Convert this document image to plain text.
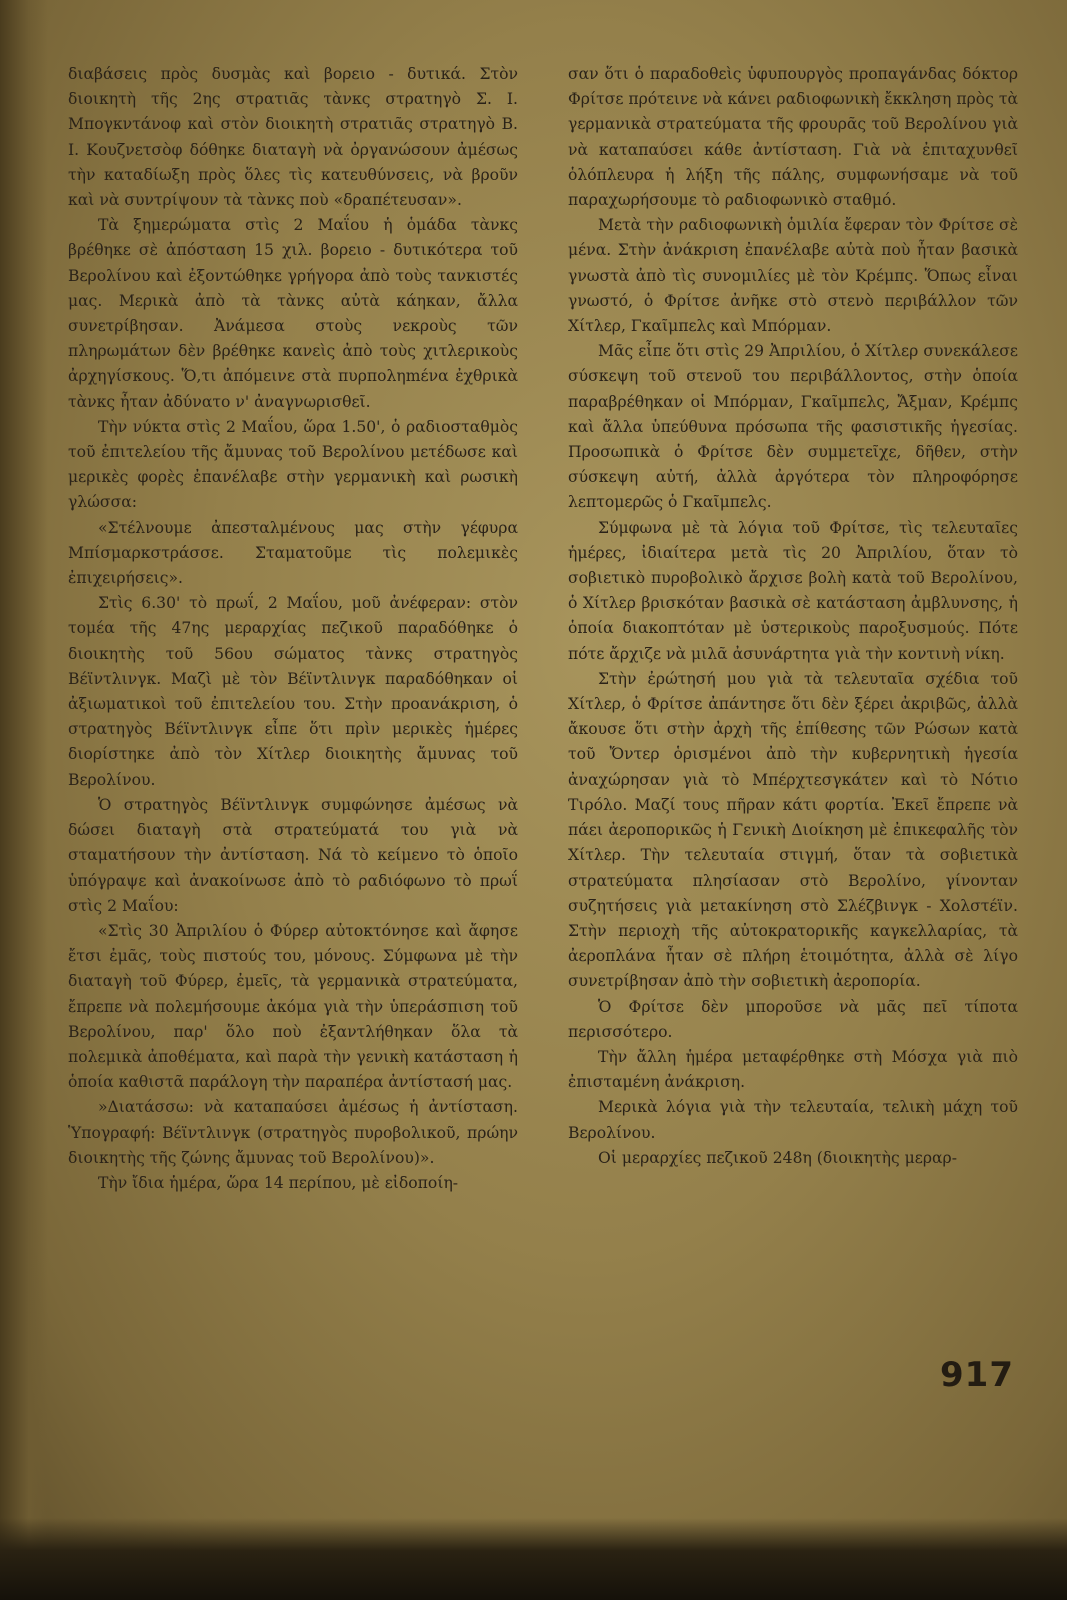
διαβάσεις πρὸς δυσμὰς καὶ βορειο - δυτικά. Στὸν διοικητὴ τῆς 2ης στρατιᾶς τὰνκς στρατηγὸ Σ. Ι. Μπογκντάνοφ καὶ στὸν διοικητὴ στρατιᾶς στρατηγὸ Β. Ι. Κουζνετσὸφ δόθηκε διαταγὴ νὰ ὀργανώσουν ἀμέσως τὴν καταδίωξη πρὸς ὅλες τὶς κατευθύνσεις, νὰ βροῦν καὶ νὰ συντρίψουν τὰ τὰνκς ποὺ «δραπέτευσαν».

Τὰ ξημερώματα στὶς 2 Μαΐου ἡ ὁμάδα τὰνκς βρέθηκε σὲ ἀπόσταση 15 χιλ. βορειο - δυτικότερα τοῦ Βερολίνου καὶ ἐξοντώθηκε γρήγορα ἀπὸ τοὺς τανκιστές μας. Μερικὰ ἀπὸ τὰ τὰνκς αὐτὰ κάηκαν, ἄλλα συνετρίβησαν. Ἀνάμεσα στοὺς νεκροὺς τῶν πληρωμάτων δὲν βρέθηκε κανεὶς ἀπὸ τοὺς χιτλερικοὺς ἀρχηγίσκους. Ὅ,τι ἀπόμεινε στὰ πυρποληmένα ἐχθρικὰ τὰνκς ἦταν ἀδύνατο ν' ἀναγνωρισθεῖ.

Τὴν νύκτα στὶς 2 Μαΐου, ὥρα 1.50', ὁ ραδιοσταθμὸς τοῦ ἐπιτελείου τῆς ἄμυνας τοῦ Βερολίνου μετέδωσε καὶ μερικὲς φορὲς ἐπανέλαβε στὴν γερμανικὴ καὶ ρωσικὴ γλώσσα:

«Στέλνουμε ἀπεσταλμένους μας στὴν γέφυρα Μπίσμαρκστράσσε. Σταματοῦμε τὶς πολεμικὲς ἐπιχειρήσεις».

Στὶς 6.30' τὸ πρωΐ, 2 Μαΐου, μοῦ ἀνέφεραν: στὸν τομέα τῆς 47ης μεραρχίας πεζικοῦ παραδόθηκε ὁ διοικητὴς τοῦ 56ου σώματος τὰνκς στρατηγὸς Βέϊντλινγκ. Μαζὶ μὲ τὸν Βέϊντλινγκ παραδόθηκαν οἱ ἀξιωματικοὶ τοῦ ἐπιτελείου του. Στὴν προανάκριση, ὁ στρατηγὸς Βέϊντλινγκ εἶπε ὅτι πρὶν μερικὲς ἡμέρες διορίστηκε ἀπὸ τὸν Χίτλερ διοικητὴς ἄμυνας τοῦ Βερολίνου.

Ὁ στρατηγὸς Βέϊντλινγκ συμφώνησε ἀμέσως νὰ δώσει διαταγὴ στὰ στρατεύματά του γιὰ νὰ σταματήσουν τὴν ἀντίσταση. Νά τὸ κείμενο τὸ ὁποῖο ὑπόγραψε καὶ ἀνακοίνωσε ἀπὸ τὸ ραδιόφωνο τὸ πρωΐ στὶς 2 Μαΐου:

«Στὶς 30 Ἀπριλίου ὁ Φύρερ αὐτοκτόνησε καὶ ἄφησε ἔτσι ἐμᾶς, τοὺς πιστούς του, μόνους. Σύμφωνα μὲ τὴν διαταγὴ τοῦ Φύρερ, ἐμεῖς, τὰ γερμανικὰ στρατεύματα, ἔπρεπε νὰ πολεμήσουμε ἀκόμα γιὰ τὴν ὑπεράσπιση τοῦ Βερολίνου, παρ' ὅλο ποὺ ἐξαντλήθηκαν ὅλα τὰ πολεμικὰ ἀποθέματα, καὶ παρὰ τὴν γενικὴ κατάσταση ἡ ὁποία καθιστᾶ παράλογη τὴν παραπέρα ἀντίστασή μας.

»Διατάσσω: νὰ καταπαύσει ἀμέσως ἡ ἀντίσταση. Ὑπογραφή: Βέϊντλινγκ (στρατηγὸς πυροβολικοῦ, πρώην διοικητὴς τῆς ζώνης ἄμυνας τοῦ Βερολίνου)».

Τὴν ἴδια ἡμέρα, ὥρα 14 περίπου, μὲ εἰδοποίη-

σαν ὅτι ὁ παραδοθεὶς ὑφυπουργὸς προπαγάνδας δόκτορ Φρίτσε πρότεινε νὰ κάνει ραδιοφωνικὴ ἔκκληση πρὸς τὰ γερμανικὰ στρατεύματα τῆς φρουρᾶς τοῦ Βερολίνου γιὰ νὰ καταπαύσει κάθε ἀντίσταση. Γιὰ νὰ ἐπιταχυνθεῖ ὁλόπλευρα ἡ λήξη τῆς πάλης, συμφωνήσαμε νὰ τοῦ παραχωρήσουμε τὸ ραδιοφωνικὸ σταθμό.

Μετὰ τὴν ραδιοφωνικὴ ὁμιλία ἔφεραν τὸν Φρίτσε σὲ μένα. Στὴν ἀνάκριση ἐπανέλαβε αὐτὰ ποὺ ἦταν βασικὰ γνωστὰ ἀπὸ τὶς συνομιλίες μὲ τὸν Κρέμπς. Ὅπως εἶναι γνωστό, ὁ Φρίτσε ἀνῆκε στὸ στενὸ περιβάλλον τῶν Χίτλερ, Γκαῖμπελς καὶ Μπόρμαν.

Μᾶς εἶπε ὅτι στὶς 29 Ἀπριλίου, ὁ Χίτλερ συνεκάλεσε σύσκεψη τοῦ στενοῦ του περιβάλλοντος, στὴν ὁποία παραβρέθηκαν οἱ Μπόρμαν, Γκαῖμπελς, Ἄξμαν, Κρέμπς καὶ ἄλλα ὑπεύθυνα πρόσωπα τῆς φασιστικῆς ἡγεσίας. Προσωπικὰ ὁ Φρίτσε δὲν συμμετεῖχε, δῆθεν, στὴν σύσκεψη αὐτή, ἀλλὰ ἀργότερα τὸν πληροφόρησε λεπτομερῶς ὁ Γκαῖμπελς.

Σύμφωνα μὲ τὰ λόγια τοῦ Φρίτσε, τὶς τελευταῖες ἡμέρες, ἰδιαίτερα μετὰ τὶς 20 Ἀπριλίου, ὅταν τὸ σοβιετικὸ πυροβολικὸ ἄρχισε βολὴ κατὰ τοῦ Βερολίνου, ὁ Χίτλερ βρισκόταν βασικὰ σὲ κατάσταση ἀμβλυνσης, ἡ ὁποία διακοπτόταν μὲ ὑστερικοὺς παροξυσμούς. Πότε πότε ἄρχιζε νὰ μιλᾶ ἀσυνάρτητα γιὰ τὴν κοντινὴ νίκη.

Στὴν ἐρώτησή μου γιὰ τὰ τελευταῖα σχέδια τοῦ Χίτλερ, ὁ Φρίτσε ἀπάντησε ὅτι δὲν ξέρει ἀκριβῶς, ἀλλὰ ἄκουσε ὅτι στὴν ἀρχὴ τῆς ἐπίθεσης τῶν Ρώσων κατὰ τοῦ Ὄντερ ὁρισμένοι ἀπὸ τὴν κυβερνητικὴ ἡγεσία ἀναχώρησαν γιὰ τὸ Μπέρχτεσγκάτεν καὶ τὸ Νότιο Τιρόλο. Μαζί τους πῆραν κάτι φορτία. Ἐκεῖ ἔπρεπε νὰ πάει ἀεροπορικῶς ἡ Γενικὴ Διοίκηση μὲ ἐπικεφαλῆς τὸν Χίτλερ. Τὴν τελευταία στιγμή, ὅταν τὰ σοβιετικὰ στρατεύματα πλησίασαν στὸ Βερολίνο, γίνονταν συζητήσεις γιὰ μετακίνηση στὸ Σλέζβινγκ - Χολστέϊν. Στὴν περιοχὴ τῆς αὐτοκρατορικῆς καγκελλαρίας, τὰ ἀεροπλάνα ἦταν σὲ πλήρη ἑτοιμότητα, ἀλλὰ σὲ λίγο συνετρίβησαν ἀπὸ τὴν σοβιετικὴ ἀεροπορία.

Ὁ Φρίτσε δὲν μποροῦσε νὰ μᾶς πεῖ τίποτα περισσότερο.

Τὴν ἄλλη ἡμέρα μεταφέρθηκε στὴ Μόσχα γιὰ πιὸ ἐπισταμένη ἀνάκριση.

Μερικὰ λόγια γιὰ τὴν τελευταία, τελικὴ μάχη τοῦ Βερολίνου.

Οἱ μεραρχίες πεζικοῦ 248η (διοικητὴς μεραρ-

917
